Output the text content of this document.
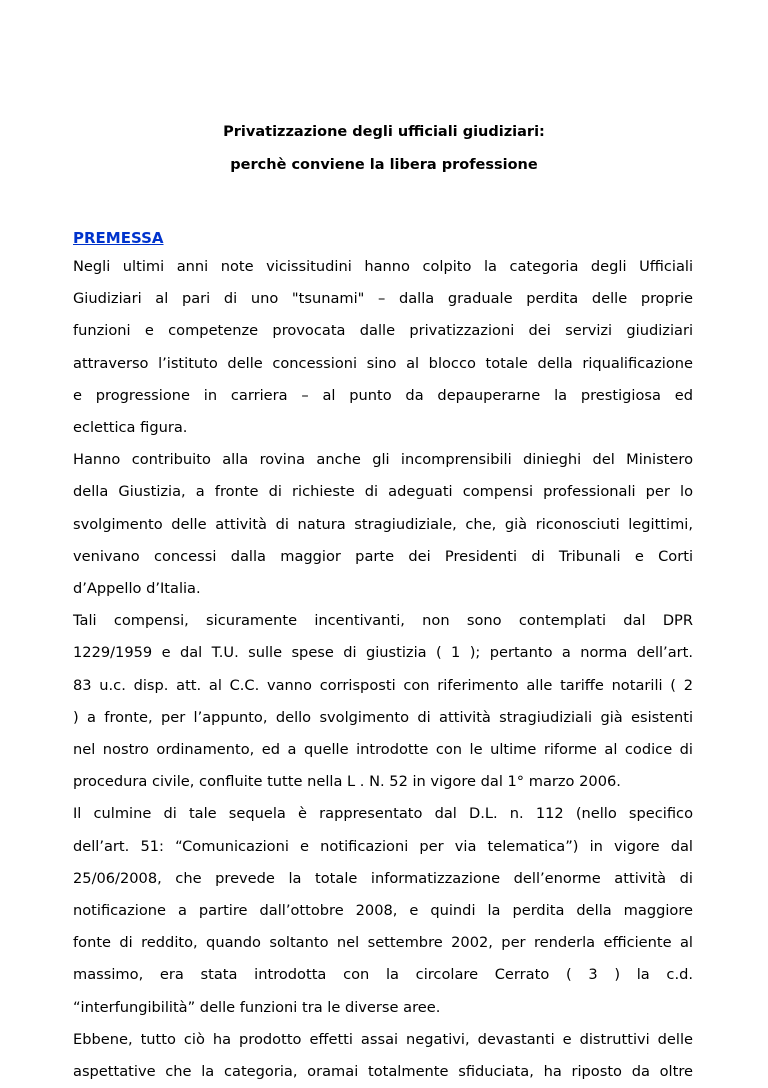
Privatizzazione degli ufficiali giudiziari:
perchè conviene la libera professione
PREMESSA
Negli ultimi anni note vicissitudini hanno colpito la categoria degli Ufficiali
Giudiziari al pari di uno "tsunami" – dalla graduale perdita delle proprie
funzioni e competenze provocata dalle privatizzazioni dei servizi giudiziari
attraverso l’istituto delle concessioni sino al blocco totale della riqualificazione
e progressione in carriera – al punto da depauperarne la prestigiosa ed
eclettica figura.
Hanno contribuito alla rovina anche gli incomprensibili dinieghi del Ministero
della Giustizia, a fronte di richieste di adeguati compensi professionali per lo
svolgimento delle attività di natura stragiudiziale, che, già riconosciuti legittimi,
venivano concessi dalla maggior parte dei Presidenti di Tribunali e Corti
d’Appello d’Italia.
Tali compensi, sicuramente incentivanti, non sono contemplati dal DPR
1229/1959 e dal T.U. sulle spese di giustizia ( 1 ); pertanto a norma dell’art.
83 u.c. disp. att. al C.C. vanno corrisposti con riferimento alle tariffe notarili ( 2
) a fronte, per l’appunto, dello svolgimento di attività stragiudiziali già esistenti
nel nostro ordinamento, ed a quelle introdotte con le ultime riforme al codice di
procedura civile, confluite tutte nella L . N. 52 in vigore dal 1° marzo 2006.
Il culmine di tale sequela è rappresentato dal D.L. n. 112 (nello specifico
dell’art. 51: “Comunicazioni e notificazioni per via telematica”) in vigore dal
25/06/2008, che prevede la totale informatizzazione dell’enorme attività di
notificazione a partire dall’ottobre 2008, e quindi la perdita della maggiore
fonte di reddito, quando soltanto nel settembre 2002, per renderla efficiente al
massimo, era stata introdotta con la circolare Cerrato ( 3 ) la c.d.
“interfungibilità” delle funzioni tra le diverse aree.
Ebbene, tutto ciò ha prodotto effetti assai negativi, devastanti e distruttivi delle
aspettative che la categoria, oramai totalmente sfiduciata, ha riposto da oltre
